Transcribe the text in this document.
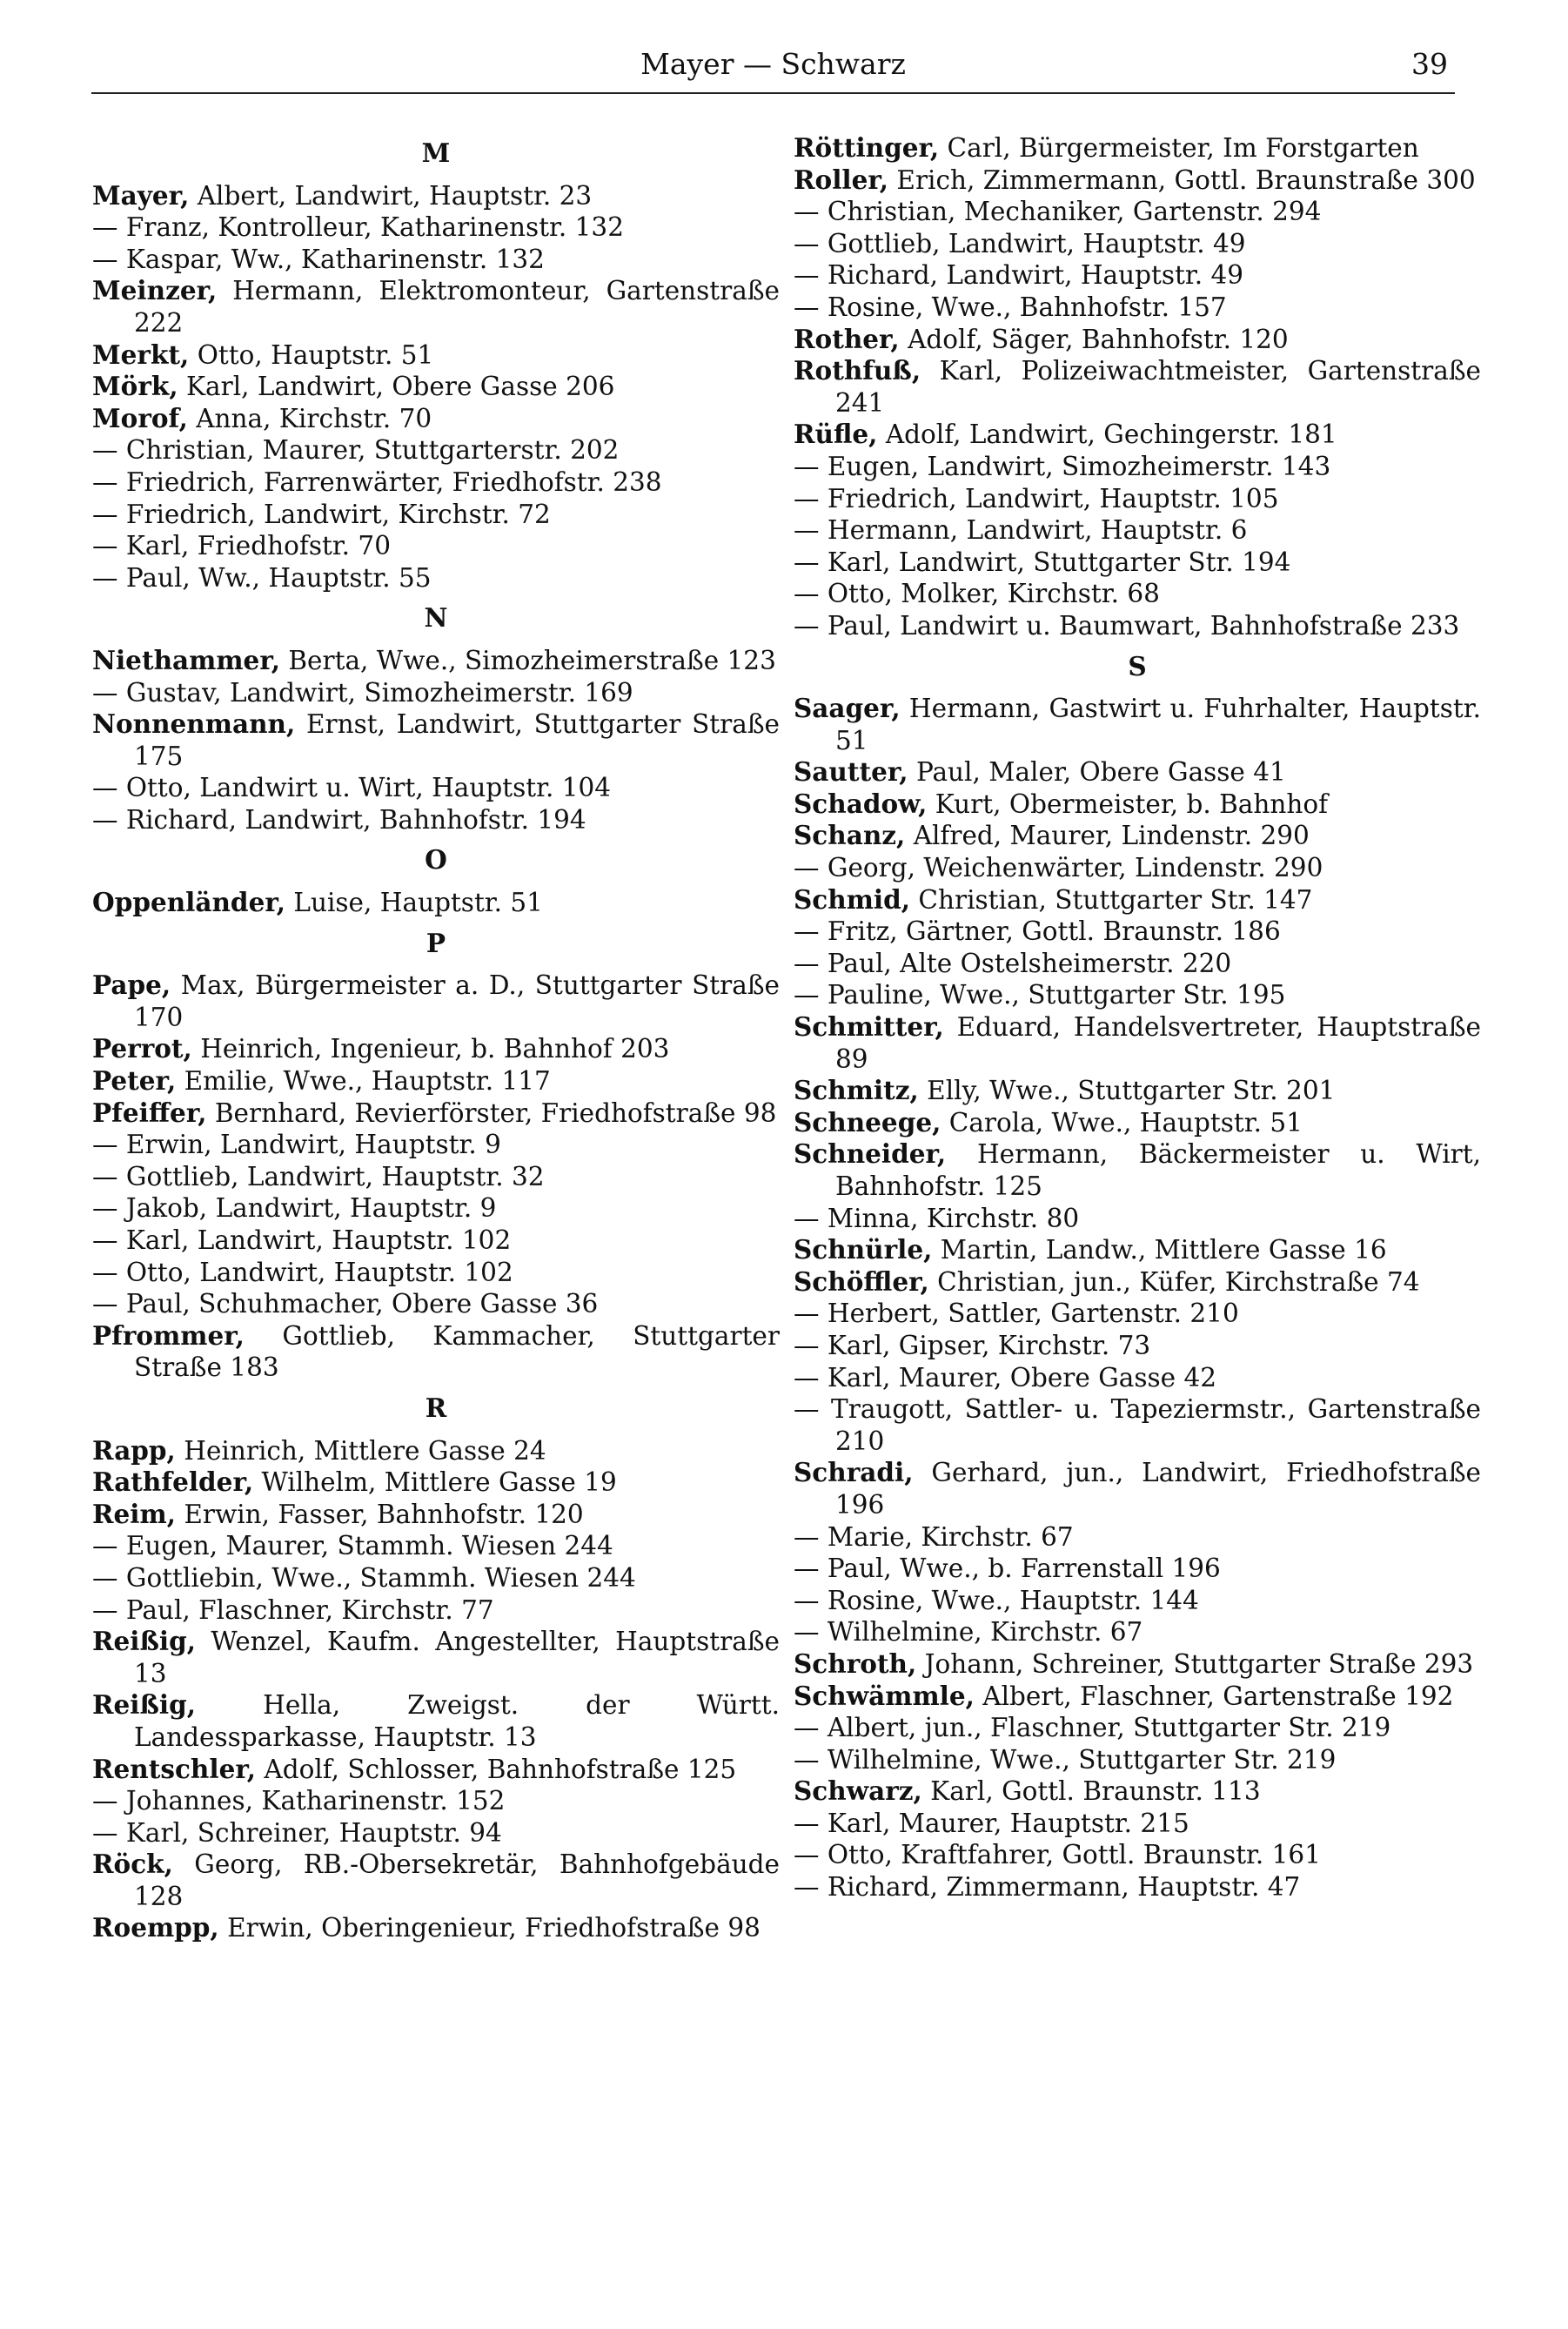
Mayer — Schwarz	39
M
Mayer, Albert, Landwirt, Hauptstr. 23
— Franz, Kontrolleur, Katharinenstr. 132
— Kaspar, Ww., Katharinenstr. 132
Meinzer, Hermann, Elektromonteur, Gartenstraße 222
Merkt, Otto, Hauptstr. 51
Mörk, Karl, Landwirt, Obere Gasse 206
Morof, Anna, Kirchstr. 70
— Christian, Maurer, Stuttgarterstr. 202
— Friedrich, Farrenwärter, Friedhofstr. 238
— Friedrich, Landwirt, Kirchstr. 72
— Karl, Friedhofstr. 70
— Paul, Ww., Hauptstr. 55
N
Niethammer, Berta, Wwe., Simozheimerstraße 123
— Gustav, Landwirt, Simozheimerstr. 169
Nonnenmann, Ernst, Landwirt, Stuttgarter Straße 175
— Otto, Landwirt u. Wirt, Hauptstr. 104
— Richard, Landwirt, Bahnhofstr. 194
O
Oppenländer, Luise, Hauptstr. 51
P
Pape, Max, Bürgermeister a. D., Stuttgarter Straße 170
Perrot, Heinrich, Ingenieur, b. Bahnhof 203
Peter, Emilie, Wwe., Hauptstr. 117
Pfeiffer, Bernhard, Revierförster, Friedhofstraße 98
— Erwin, Landwirt, Hauptstr. 9
— Gottlieb, Landwirt, Hauptstr. 32
— Jakob, Landwirt, Hauptstr. 9
— Karl, Landwirt, Hauptstr. 102
— Otto, Landwirt, Hauptstr. 102
— Paul, Schuhmacher, Obere Gasse 36
Pfrommer, Gottlieb, Kammacher, Stuttgarter Straße 183
R
Rapp, Heinrich, Mittlere Gasse 24
Rathfelder, Wilhelm, Mittlere Gasse 19
Reim, Erwin, Fasser, Bahnhofstr. 120
— Eugen, Maurer, Stammh. Wiesen 244
— Gottliebin, Wwe., Stammh. Wiesen 244
— Paul, Flaschner, Kirchstr. 77
Reißig, Wenzel, Kaufm. Angestellter, Hauptstraße 13
Reißig, Hella, Zweigst. der Württ. Landessparkasse, Hauptstr. 13
Rentschler, Adolf, Schlosser, Bahnhofstraße 125
— Johannes, Katharinenstr. 152
— Karl, Schreiner, Hauptstr. 94
Röck, Georg, RB.-Obersekretär, Bahnhofgebäude 128
Roempp, Erwin, Oberingenieur, Friedhofstraße 98
Röttinger, Carl, Bürgermeister, Im Forstgarten
Roller, Erich, Zimmermann, Gottl. Braunstraße 300
— Christian, Mechaniker, Gartenstr. 294
— Gottlieb, Landwirt, Hauptstr. 49
— Richard, Landwirt, Hauptstr. 49
— Rosine, Wwe., Bahnhofstr. 157
Rother, Adolf, Säger, Bahnhofstr. 120
Rothfuß, Karl, Polizeiwachtmeister, Gartenstraße 241
Rüfle, Adolf, Landwirt, Gechingerstr. 181
— Eugen, Landwirt, Simozheimerstr. 143
— Friedrich, Landwirt, Hauptstr. 105
— Hermann, Landwirt, Hauptstr. 6
— Karl, Landwirt, Stuttgarter Str. 194
— Otto, Molker, Kirchstr. 68
— Paul, Landwirt u. Baumwart, Bahnhofstraße 233
S
Saager, Hermann, Gastwirt u. Fuhrhalter, Hauptstr. 51
Sautter, Paul, Maler, Obere Gasse 41
Schadow, Kurt, Obermeister, b. Bahnhof
Schanz, Alfred, Maurer, Lindenstr. 290
— Georg, Weichenwärter, Lindenstr. 290
Schmid, Christian, Stuttgarter Str. 147
— Fritz, Gärtner, Gottl. Braunstr. 186
— Paul, Alte Ostelsheimerstr. 220
— Pauline, Wwe., Stuttgarter Str. 195
Schmitter, Eduard, Handelsvertreter, Hauptstraße 89
Schmitz, Elly, Wwe., Stuttgarter Str. 201
Schneege, Carola, Wwe., Hauptstr. 51
Schneider, Hermann, Bäckermeister u. Wirt, Bahnhofstr. 125
— Minna, Kirchstr. 80
Schnürle, Martin, Landw., Mittlere Gasse 16
Schöffler, Christian, jun., Küfer, Kirchstraße 74
— Herbert, Sattler, Gartenstr. 210
— Karl, Gipser, Kirchstr. 73
— Karl, Maurer, Obere Gasse 42
— Traugott, Sattler- u. Tapeziermstr., Gartenstraße 210
Schradi, Gerhard, jun., Landwirt, Friedhofstraße 196
— Marie, Kirchstr. 67
— Paul, Wwe., b. Farrenstall 196
— Rosine, Wwe., Hauptstr. 144
— Wilhelmine, Kirchstr. 67
Schroth, Johann, Schreiner, Stuttgarter Straße 293
Schwämmle, Albert, Flaschner, Gartenstraße 192
— Albert, jun., Flaschner, Stuttgarter Str. 219
— Wilhelmine, Wwe., Stuttgarter Str. 219
Schwarz, Karl, Gottl. Braunstr. 113
— Karl, Maurer, Hauptstr. 215
— Otto, Kraftfahrer, Gottl. Braunstr. 161
— Richard, Zimmermann, Hauptstr. 47
